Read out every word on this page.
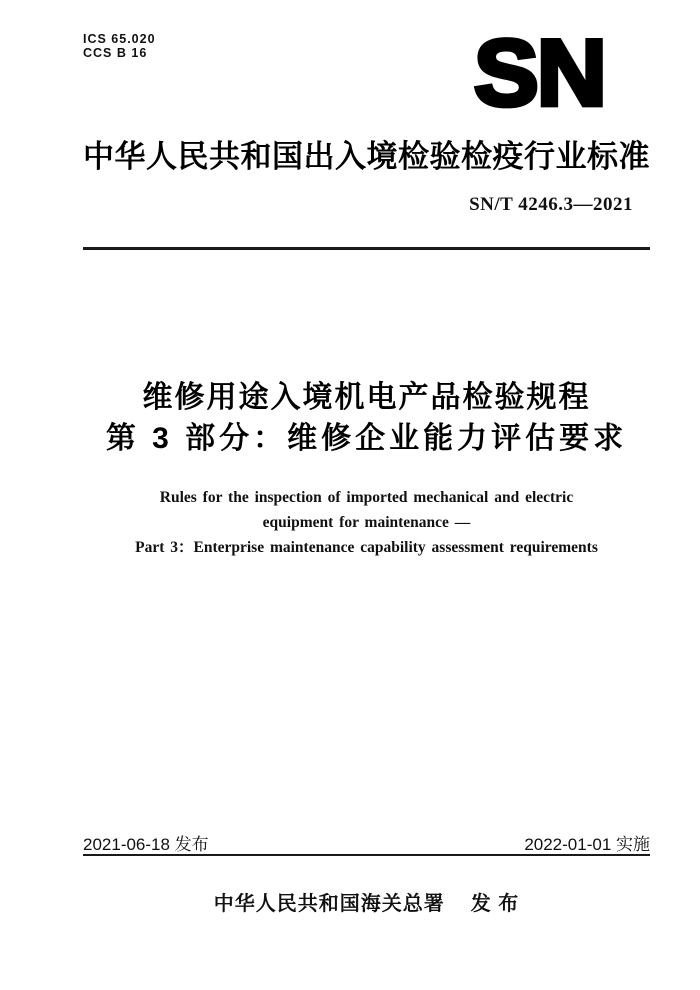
ICS 65.020
CCS B 16	SN
中华人民共和国出入境检验检疫行业标准
SN/T 4246.3—2021
维修用途入境机电产品检验规程
第 3 部分：维修企业能力评估要求
Rules for the inspection of imported mechanical and electric
equipment for maintenance —
Part 3：Enterprise maintenance capability assessment requirements
2021-06-18 发布	2022-01-01 实施
中华人民共和国海关总署 发 布
